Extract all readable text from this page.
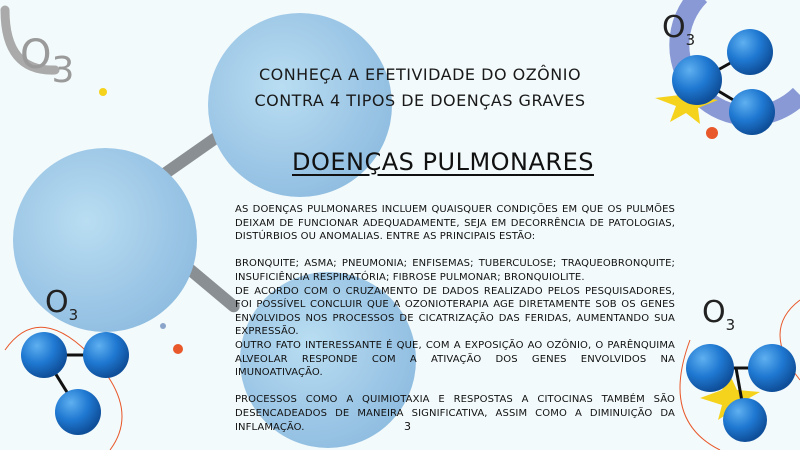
O3
O3
O3	O3
CONHEÇA A EFETIVIDADE DO OZÔNIO
CONTRA 4 TIPOS DE DOENÇAS GRAVES
DOENÇAS PULMONARES

AS DOENÇAS PULMONARES INCLUEM QUAISQUER CONDIÇÕES EM QUE OS PULMÕES DEIXAM DE FUNCIONAR ADEQUADAMENTE, SEJA EM DECORRÊNCIA DE PATOLOGIAS, DISTÚRBIOS OU ANOMALIAS. ENTRE AS PRINCIPAIS ESTÃO:

BRONQUITE; ASMA; PNEUMONIA; ENFISEMAS; TUBERCULOSE; TRAQUEOBRONQUITE; INSUFICIÊNCIA RESPIRATÓRIA; FIBROSE PULMONAR; BRONQUIOLITE.

DE ACORDO COM O CRUZAMENTO DE DADOS REALIZADO PELOS PESQUISADORES, FOI POSSÍVEL CONCLUIR QUE A OZONIOTERAPIA AGE DIRETAMENTE SOB OS GENES ENVOLVIDOS NOS PROCESSOS DE CICATRIZAÇÃO DAS FERIDAS, AUMENTANDO SUA EXPRESSÃO.

OUTRO FATO INTERESSANTE É QUE, COM A EXPOSIÇÃO AO OZÔNIO, O PARÊNQUIMA ALVEOLAR RESPONDE COM A ATIVAÇÃO DOS GENES ENVOLVIDOS NA IMUNOATIVAÇÃO.

PROCESSOS COMO A QUIMIOTAXIA E RESPOSTAS A CITOCINAS TAMBÉM SÃO DESENCADEADOS DE MANEIRA SIGNIFICATIVA, ASSIM COMO A DIMINUIÇÃO DA INFLAMAÇÃO.	3
